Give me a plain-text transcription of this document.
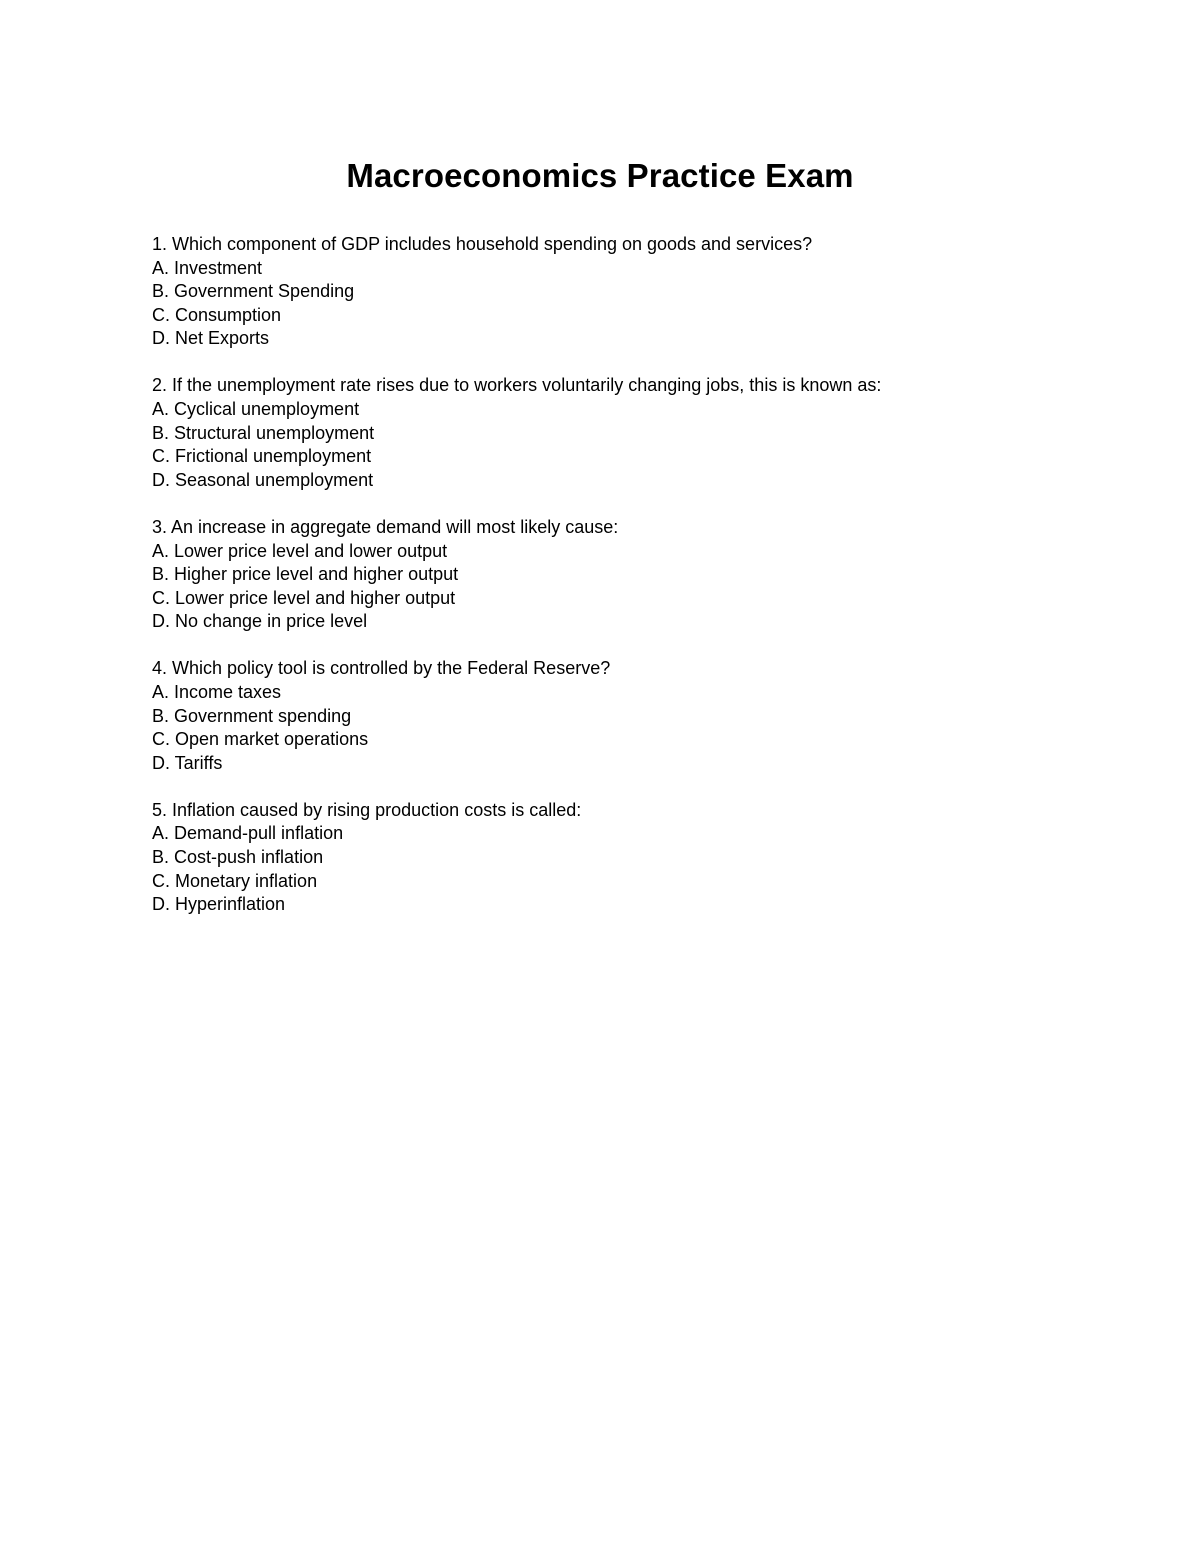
Macroeconomics Practice Exam
1. Which component of GDP includes household spending on goods and services?
A. Investment
B. Government Spending
C. Consumption
D. Net Exports
2. If the unemployment rate rises due to workers voluntarily changing jobs, this is known as:
A. Cyclical unemployment
B. Structural unemployment
C. Frictional unemployment
D. Seasonal unemployment
3. An increase in aggregate demand will most likely cause:
A. Lower price level and lower output
B. Higher price level and higher output
C. Lower price level and higher output
D. No change in price level
4. Which policy tool is controlled by the Federal Reserve?
A. Income taxes
B. Government spending
C. Open market operations
D. Tariffs
5. Inflation caused by rising production costs is called:
A. Demand-pull inflation
B. Cost-push inflation
C. Monetary inflation
D. Hyperinflation
